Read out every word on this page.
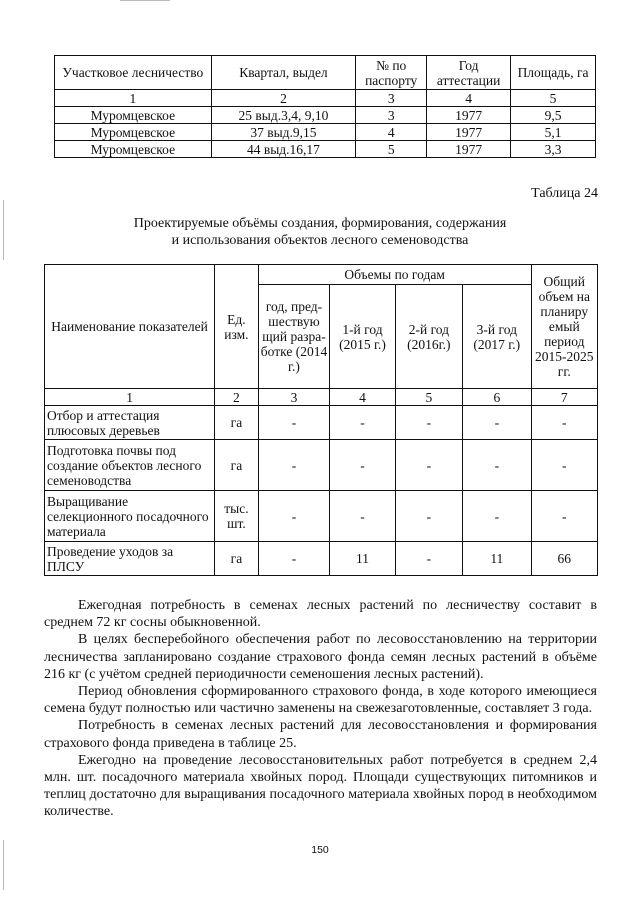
Участковое лесничество	Квартал, выдел	№ по паспорту	Год аттестации	Площадь, га
1	2	3	4	5
Муромцевское	25 выд.3,4, 9,10	3	1977	9,5
Муромцевское	37 выд.9,15	4	1977	5,1
Муромцевское	44 выд.16,17	5	1977	3,3
Таблица 24
Проектируемые объёмы создания, формирования, содержания
и использования объектов лесного семеноводства
Наименование показателей	Ед. изм.	Объемы по годам				Общий объем на планиру емый период 2015-2025 гг.
		год, пред-шествую щий разра-ботке (2014 г.)	1-й год (2015 г.)	2-й год (2016г.)	3-й год (2017 г.)	
1	2	3	4	5	6	7
Отбор и аттестация плюсовых деревьев	га	-	-	-	-	-
Подготовка почвы под создание объектов лесного семеноводства	га	-	-	-	-	-
Выращивание селекционного посадочного материала	тыс. шт.	-	-	-	-	-
Проведение уходов за ПЛСУ	га	-	11	-	11	66

Ежегодная потребность в семенах лесных растений по лесничеству составит в среднем 72 кг сосны обыкновенной.

В целях бесперебойного обеспечения работ по лесовосстановлению на территории лесничества запланировано создание страхового фонда семян лесных растений в объёме 216 кг (с учётом средней периодичности семеношения лесных растений).

Период обновления сформированного страхового фонда, в ходе которого имеющиеся семена будут полностью или частично заменены на свежезаготовленные, составляет 3 года.

Потребность в семенах лесных растений для лесовосстановления и формирования страхового фонда приведена в таблице 25.

Ежегодно на проведение лесовосстановительных работ потребуется в среднем 2,4 млн. шт. посадочного материала хвойных пород. Площади существующих питомников и теплиц достаточно для выращивания посадочного материала хвойных пород в необходимом количестве.

150
